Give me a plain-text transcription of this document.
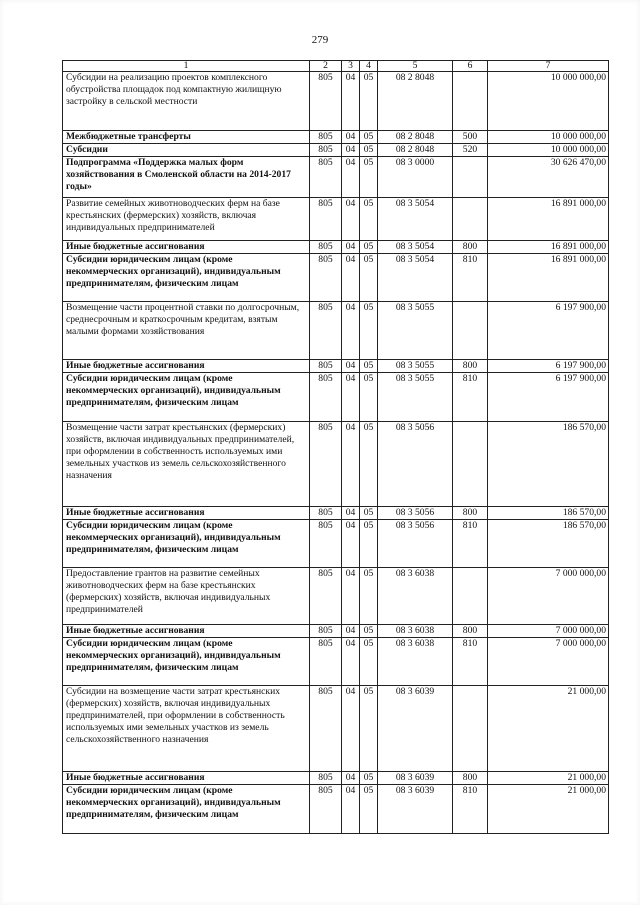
279
1	2	3	4	5	6	7
Субсидии на реализацию проектов комплексного обустройства площадок под компактную жилищную застройку в сельской местности	805	04	05	08 2 8048		10 000 000,00
Межбюджетные трансферты	805	04	05	08 2 8048	500	10 000 000,00
Субсидии	805	04	05	08 2 8048	520	10 000 000,00
Подпрограмма «Поддержка малых форм хозяйствования в Смоленской области на 2014-2017 годы»	805	04	05	08 3 0000		30 626 470,00
Развитие семейных животноводческих ферм на базе крестьянских (фермерских) хозяйств, включая индивидуальных предпринимателей	805	04	05	08 3 5054		16 891 000,00
Иные бюджетные ассигнования	805	04	05	08 3 5054	800	16 891 000,00
Субсидии юридическим лицам (кроме некоммерческих организаций), индивидуальным предпринимателям, физическим лицам	805	04	05	08 3 5054	810	16 891 000,00
Возмещение части процентной ставки по долгосрочным, среднесрочным и краткосрочным кредитам, взятым малыми формами хозяйствования	805	04	05	08 3 5055		6 197 900,00
Иные бюджетные ассигнования	805	04	05	08 3 5055	800	6 197 900,00
Субсидии юридическим лицам (кроме некоммерческих организаций), индивидуальным предпринимателям, физическим лицам	805	04	05	08 3 5055	810	6 197 900,00
Возмещение части затрат крестьянских (фермерских) хозяйств, включая индивидуальных предпринимателей, при оформлении в собственность используемых ими земельных участков из земель сельскохозяйственного назначения	805	04	05	08 3 5056		186 570,00
Иные бюджетные ассигнования	805	04	05	08 3 5056	800	186 570,00
Субсидии юридическим лицам (кроме некоммерческих организаций), индивидуальным предпринимателям, физическим лицам	805	04	05	08 3 5056	810	186 570,00
Предоставление грантов на развитие семейных животноводческих ферм на базе крестьянских (фермерских) хозяйств, включая индивидуальных предпринимателей	805	04	05	08 3 6038		7 000 000,00
Иные бюджетные ассигнования	805	04	05	08 3 6038	800	7 000 000,00
Субсидии юридическим лицам (кроме некоммерческих организаций), индивидуальным предпринимателям, физическим лицам	805	04	05	08 3 6038	810	7 000 000,00
Субсидии на возмещение части затрат крестьянских (фермерских) хозяйств, включая индивидуальных предпринимателей, при оформлении в собственность используемых ими земельных участков из земель сельскохозяйственного назначения	805	04	05	08 3 6039		21 000,00
Иные бюджетные ассигнования	805	04	05	08 3 6039	800	21 000,00
Субсидии юридическим лицам (кроме некоммерческих организаций), индивидуальным предпринимателям, физическим лицам	805	04	05	08 3 6039	810	21 000,00
